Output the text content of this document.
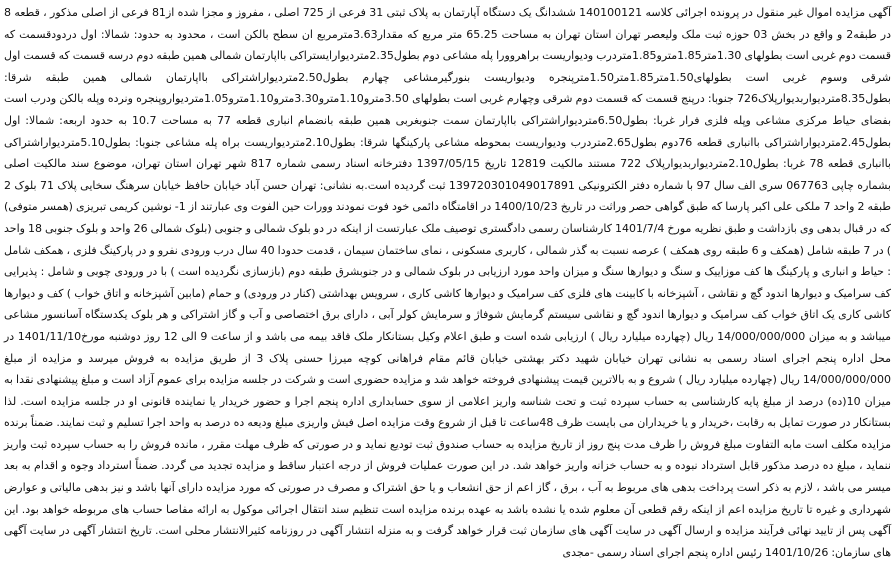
آگهی مزایده اموال غیر منقول در پرونده اجرائی کلاسه 140100121 ششدانگ یک دستگاه آپارتمان به پلاک ثبتی 31 فرعی از 725 اصلی ، مفروز و مجزا شده از81 فرعی از اصلی مذکور ، قطعه 8 در طبقه2 و واقع در بخش 03 حوزه ثبت ملک ولیعصر تهران استان تهران به مساحت 65.25 متر مربع که مقدار3.63مترمربع ان سطح بالکن است ، محدود به حدود: شمالا: اول دردودقسمت که قسمت دوم غربی است بطولهای 1.30متر1.85مترو1.85متردرب ودیواریست براهروورا پله مشاعی دوم بطول2.35متردیوارایستراکی بااپارتمان شمالی همین طبقه دوم درسه قسمت که قسمت اول شرقی وسوم غربی است بطولهای1.50متر1.85متر1.50مترپنجره ودیواریست بنورگیرمشاعی چهارم بطول2.50متردیواراشتراکی بااپارتمان شمالی همین طبقه شرقا: بطول8.35متردیواربدیوارپلاک726 جنوبا: درپنج قسمت که قسمت دوم شرقی وچهارم غربی است بطولهای 3.50مترو1.10مترو3.30مترو1.10مترو1.05متردیواروپنجره ونرده وپله بالکن ودرب است بفضای حیاط مرکزی مشاعی وپله فلزی فرار غربا: بطول6.50متردیواراشتراکی بااپارتمان سمت جنوبغربی همین طبقه بانضمام انباری قطعه 77 به مساحت 10.7 به حدود اربعه: شمالا: اول بطول2.45متردیواراشتراکی باانباری قطعه 76دوم بطول2.65متردرب ودیواریست بمحوطه مشاعی پارکینگها شرقا: بطول2.10متردیواریست براه پله مشاعی جنوبا: بطول5.10متردیواراشتراکی باانباری قطعه 78 غربا: بطول2.10متردیواربدیوارپلاک 722 مستند مالکیت 12819 تاریخ 1397/05/15 دفترخانه اسناد رسمی شماره 817 شهر تهران استان تهران، موضوع سند مالکیت اصلی بشماره چاپی 067763 سری الف سال 97 با شماره دفتر الکترونیکی 139720301049017891 ثبت گردیده است.به نشانی: تهران حسن آباد خیابان حافظ خیابان سرهنگ سخایی پلاک 71 بلوک 2 طبقه 2 واحد 7 ملکی علی اکبر پارسا که طبق گواهی حصر وراثت در تاریخ 1400/10/23 در اقامتگاه دائمی خود فوت نمودند وورات حین الفوت وی عبارتند از 1- نوشین کریمی تبریزی (همسر متوفی) که در قبال بدهی وی بازداشت و طبق نظریه مورخ 1401/7/4 کارشناسان رسمی دادگستری توصیف ملک عبارتست از اینکه در دو بلوک شمالی و جنوبی (بلوک شمالی 26 واحد و بلوک جنوبی 18 واحد ) در 7 طبقه شامل (همکف و 6 طبقه روی همکف ) عرصه نسبت به گذر شمالی ، کاربری مسکونی ، نمای ساختمان سیمان ، قدمت حدودا 40 سال درب ورودی نفرو و در پارکینگ فلزی ، همکف شامل : حیاط و انباری و پارکینگ ها کف موزاییک و سنگ و دیوارها سنگ و میزان واحد مورد ارزیابی در بلوک شمالی و در جنوبشرق طبقه دوم (بازسازی نگردیده است ) با در ورودی چوبی و شامل : پذیرایی کف سرامیک و دیوارها اندود گچ و نقاشی ، آشپزخانه با کابینت های فلزی کف سرامیک و دیوارها کاشی کاری ، سرویس بهداشتی (کنار در ورودی) و حمام (مابین آشپزخانه و اتاق خواب ) کف و دیوارها کاشی کاری یک اتاق خواب کف سرامیک و دیوارها اندود گچ و نقاشی سیستم گرمایش شوفاژ و سرمایش کولر آبی ، دارای برق اختصاصی و آب و گاز اشتراکی و هر بلوک یکدستگاه آسانسور مشاعی میباشد و به میزان 14/000/000/000 ریال (چهارده میلیارد ریال ) ارزیابی شده است و طبق اعلام وکیل بستانکار ملک فاقد بیمه می باشد و از ساعت 9 الی 12 روز دوشنبه مورخ1401/11/10 در محل اداره پنجم اجرای اسناد رسمی به نشانی تهران خیابان شهید دکتر بهشتی خیابان قائم مقام فراهانی کوچه میرزا حسنی پلاک 3 از طریق مزایده به فروش میرسد و مزایده از مبلغ 14/000/000/000 ریال (چهارده میلیارد ریال ) شروع و به بالاترین قیمت پیشنهادی فروخته خواهد شد و مزایده حضوری است و شرکت در جلسه مزایده برای عموم آزاد است و مبلغ پیشنهادی نقدا به میزان 10(ده) درصد از مبلغ پایه کارشناسی به حساب سپرده ثبت و تحت شناسه واریز اعلامی از سوی حسابداری اداره پنجم اجرا و حضور خریدار یا نماینده قانونی او در جلسه مزایده است. لذا بستانکار در صورت تمایل به رقابت ،خریدار و یا خریداران می بایست ظرف 48ساعت تا قبل از شروع وقت مزایده اصل فیش واریزی مبلغ ودیعه ده درصد به واحد اجرا تسلیم و ثبت نمایند. ضمناً برنده مزایده مکلف است مابه التفاوت مبلغ فروش را ظرف مدت پنج روز از تاریخ مزایده به حساب صندوق ثبت تودیع نماید و در صورتی که ظرف مهلت مقرر ، مانده فروش را به حساب سپرده ثبت واریز ننماید ، مبلغ ده درصد مذکور قابل استرداد نبوده و به حساب خزانه واریز خواهد شد. در این صورت عملیات فروش از درجه اعتبار ساقط و مزایده تجدید می گردد. ضمناً استرداد وجوه و اقدام به بعد میسر می باشد ، لازم به ذکر است پرداخت بدهی های مربوط به آب ، برق ، گاز اعم از حق انشعاب و یا حق اشتراک و مصرف در صورتی که مورد مزایده دارای آنها باشد و نیز بدهی مالیاتی و عوارض شهرداری و غیره تا تاریخ مزایده اعم از اینکه رقم قطعی آن معلوم شده یا نشده باشد به عهده برنده مزایده است تنظیم سند انتقال اجرائی موکول به ارائه مفاصا حساب های مربوطه خواهد بود. این آگهی پس از تایید نهائی فرآیند مزایده و ارسال آگهی در سایت آگهی های سازمان ثبت قرار خواهد گرفت و به منزله انتشار آگهی در روزنامه کثیرالانتشار محلی است. تاریخ انتشار آگهی در سایت آگهی های سازمان: 1401/10/26 رئیس اداره پنجم اجرای اسناد رسمی -مجدی
